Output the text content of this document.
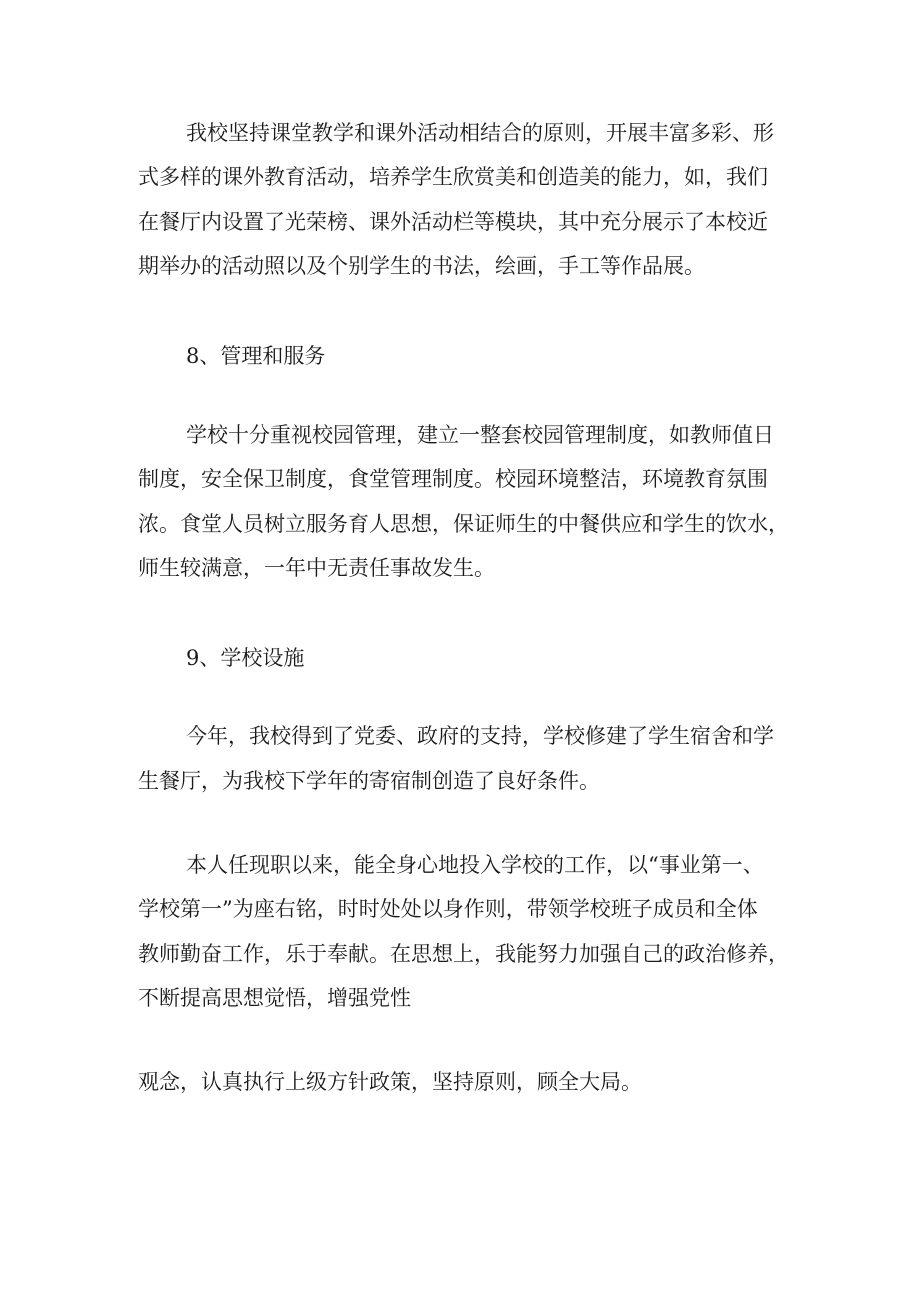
我校坚持课堂教学和课外活动相结合的原则，开展丰富多彩、形

式多样的课外教育活动，培养学生欣赏美和创造美的能力，如，我们

在餐厅内设置了光荣榜、课外活动栏等模块，其中充分展示了本校近

期举办的活动照以及个别学生的书法，绘画，手工等作品展。

8、管理和服务

学校十分重视校园管理，建立一整套校园管理制度，如教师值日

制度，安全保卫制度，食堂管理制度。校园环境整洁，环境教育氛围

浓。食堂人员树立服务育人思想，保证师生的中餐供应和学生的饮水，

师生较满意，一年中无责任事故发生。

9、学校设施

今年，我校得到了党委、政府的支持，学校修建了学生宿舍和学

生餐厅，为我校下学年的寄宿制创造了良好条件。

本人任现职以来，能全身心地投入学校的工作，以“事业第一、

学校第一”为座右铭，时时处处以身作则，带领学校班子成员和全体

教师勤奋工作，乐于奉献。在思想上，我能努力加强自己的政治修养，

不断提高思想觉悟，增强党性

观念，认真执行上级方针政策，坚持原则，顾全大局。
